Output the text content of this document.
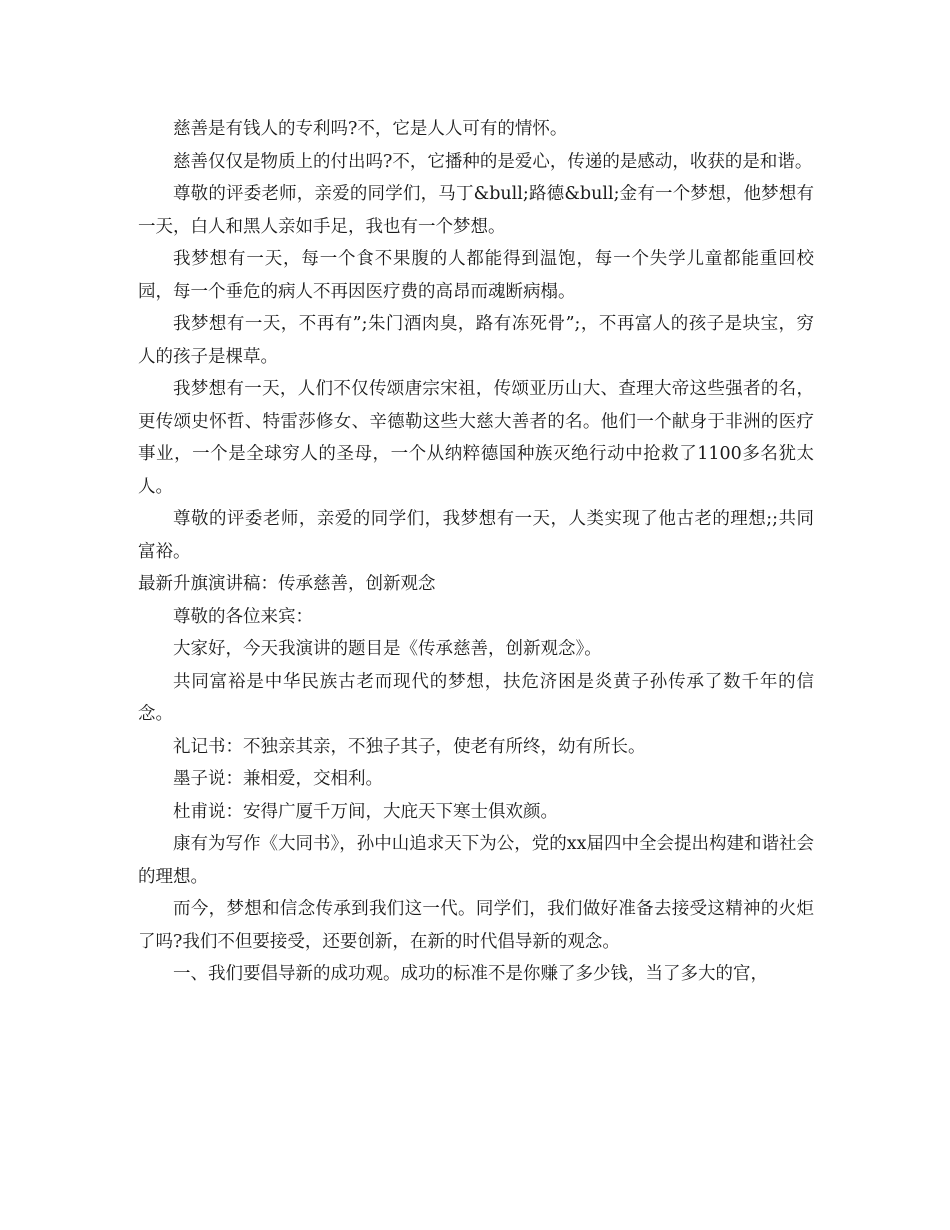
慈善是有钱人的专利吗?不，它是人人可有的情怀。

慈善仅仅是物质上的付出吗?不，它播种的是爱心，传递的是感动，收获的是和谐。

尊敬的评委老师，亲爱的同学们，马丁&bull;路德&bull;金有一个梦想，他梦想有一天，白人和黑人亲如手足，我也有一个梦想。

我梦想有一天，每一个食不果腹的人都能得到温饱，每一个失学儿童都能重回校园，每一个垂危的病人不再因医疗费的高昂而魂断病榻。

我梦想有一天，不再有”;朱门酒肉臭，路有冻死骨”;，不再富人的孩子是块宝，穷人的孩子是棵草。

我梦想有一天，人们不仅传颂唐宗宋祖，传颂亚历山大、查理大帝这些强者的名，更传颂史怀哲、特雷莎修女、辛德勒这些大慈大善者的名。他们一个献身于非洲的医疗事业，一个是全球穷人的圣母，一个从纳粹德国种族灭绝行动中抢救了1100多名犹太人。

尊敬的评委老师，亲爱的同学们，我梦想有一天，人类实现了他古老的理想;;共同富裕。

最新升旗演讲稿：传承慈善，创新观念

尊敬的各位来宾：

大家好，今天我演讲的题目是《传承慈善，创新观念》。

共同富裕是中华民族古老而现代的梦想，扶危济困是炎黄子孙传承了数千年的信念。

礼记书：不独亲其亲，不独子其子，使老有所终，幼有所长。

墨子说：兼相爱，交相利。

杜甫说：安得广厦千万间，大庇天下寒士俱欢颜。

康有为写作《大同书》，孙中山追求天下为公，党的xx届四中全会提出构建和谐社会的理想。

而今，梦想和信念传承到我们这一代。同学们，我们做好准备去接受这精神的火炬了吗?我们不但要接受，还要创新，在新的时代倡导新的观念。

一、我们要倡导新的成功观。成功的标准不是你赚了多少钱，当了多大的官，
